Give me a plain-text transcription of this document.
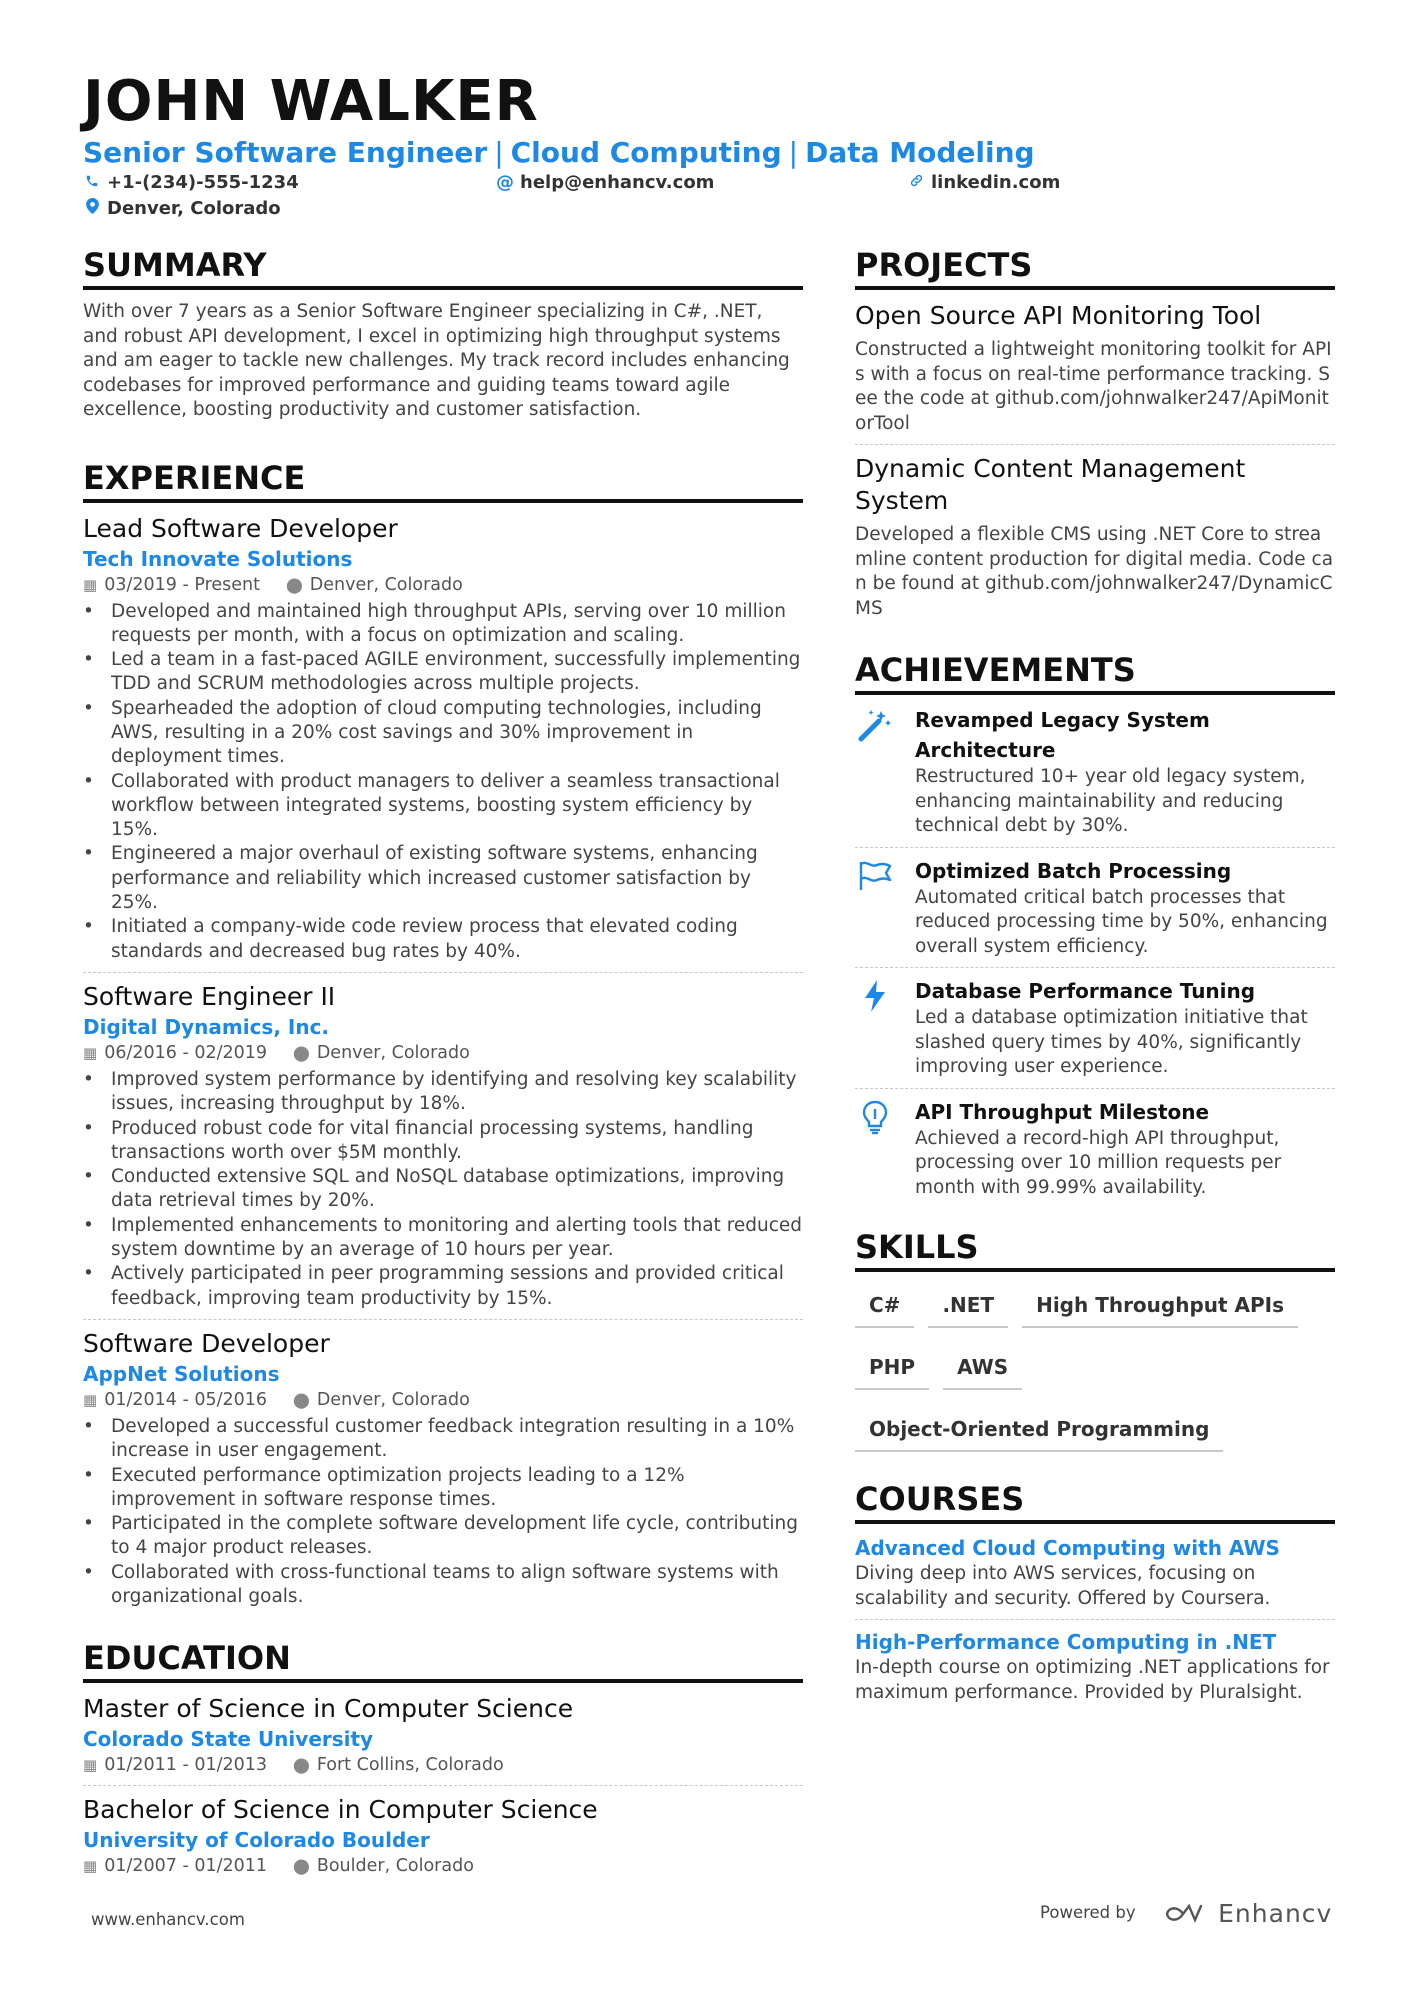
JOHN WALKER
Senior Software Engineer | Cloud Computing | Data Modeling
+1-(234)-555-1234	@ help@enhancv.com	linkedin.com
Denver, Colorado
SUMMARY

With over 7 years as a Senior Software Engineer specializing in C#, .NET, and robust API development, I excel in optimizing high throughput systems and am eager to tackle new challenges. My track record includes enhancing codebases for improved performance and guiding teams toward agile excellence, boosting productivity and customer satisfaction.

EXPERIENCE
Lead Software Developer
Tech Innovate Solutions
▦ 03/2019 - Present ⬤ Denver, Colorado
• Developed and maintained high throughput APIs, serving over 10 million requests per month, with a focus on optimization and scaling.
• Led a team in a fast-paced AGILE environment, successfully implementing TDD and SCRUM methodologies across multiple projects.
• Spearheaded the adoption of cloud computing technologies, including AWS, resulting in a 20% cost savings and 30% improvement in deployment times.
• Collaborated with product managers to deliver a seamless transactional workflow between integrated systems, boosting system efficiency by 15%.
• Engineered a major overhaul of existing software systems, enhancing performance and reliability which increased customer satisfaction by 25%.
• Initiated a company-wide code review process that elevated coding standards and decreased bug rates by 40%.
Software Engineer II
Digital Dynamics, Inc.
▦ 06/2016 - 02/2019 ⬤ Denver, Colorado
• Improved system performance by identifying and resolving key scalability issues, increasing throughput by 18%.
• Produced robust code for vital financial processing systems, handling transactions worth over $5M monthly.
• Conducted extensive SQL and NoSQL database optimizations, improving data retrieval times by 20%.
• Implemented enhancements to monitoring and alerting tools that reduced system downtime by an average of 10 hours per year.
• Actively participated in peer programming sessions and provided critical feedback, improving team productivity by 15%.
Software Developer
AppNet Solutions
▦ 01/2014 - 05/2016 ⬤ Denver, Colorado
• Developed a successful customer feedback integration resulting in a 10% increase in user engagement.
• Executed performance optimization projects leading to a 12% improvement in software response times.
• Participated in the complete software development life cycle, contributing to 4 major product releases.
• Collaborated with cross-functional teams to align software systems with organizational goals.
EDUCATION
Master of Science in Computer Science
Colorado State University
▦ 01/2011 - 01/2013 ⬤ Fort Collins, Colorado
Bachelor of Science in Computer Science
University of Colorado Boulder
▦ 01/2007 - 01/2011 ⬤ Boulder, Colorado
PROJECTS
Open Source API Monitoring Tool

Constructed a lightweight monitoring toolkit for APIs with a focus on real-time performance tracking. See the code at github.com/johnwalker247/ApiMonitorTool

Dynamic Content Management System

Developed a flexible CMS using .NET Core to streamline content production for digital media. Code can be found at github.com/johnwalker247/DynamicCMS

ACHIEVEMENTS
Revamped Legacy System Architecture

Restructured 10+ year old legacy system, enhancing maintainability and reducing technical debt by 30%.

Optimized Batch Processing

Automated critical batch processes that reduced processing time by 50%, enhancing overall system efficiency.

Database Performance Tuning

Led a database optimization initiative that slashed query times by 40%, significantly improving user experience.

API Throughput Milestone

Achieved a record-high API throughput, processing over 10 million requests per month with 99.99% availability.

SKILLS
C#	.NET	High Throughput APIs
PHP	AWS
Object-Oriented Programming
COURSES
Advanced Cloud Computing with AWS

Diving deep into AWS services, focusing on scalability and security. Offered by Coursera.

High-Performance Computing in .NET

In-depth course on optimizing .NET applications for maximum performance. Provided by Pluralsight.

www.enhancv.com	Powered by	Enhancv
